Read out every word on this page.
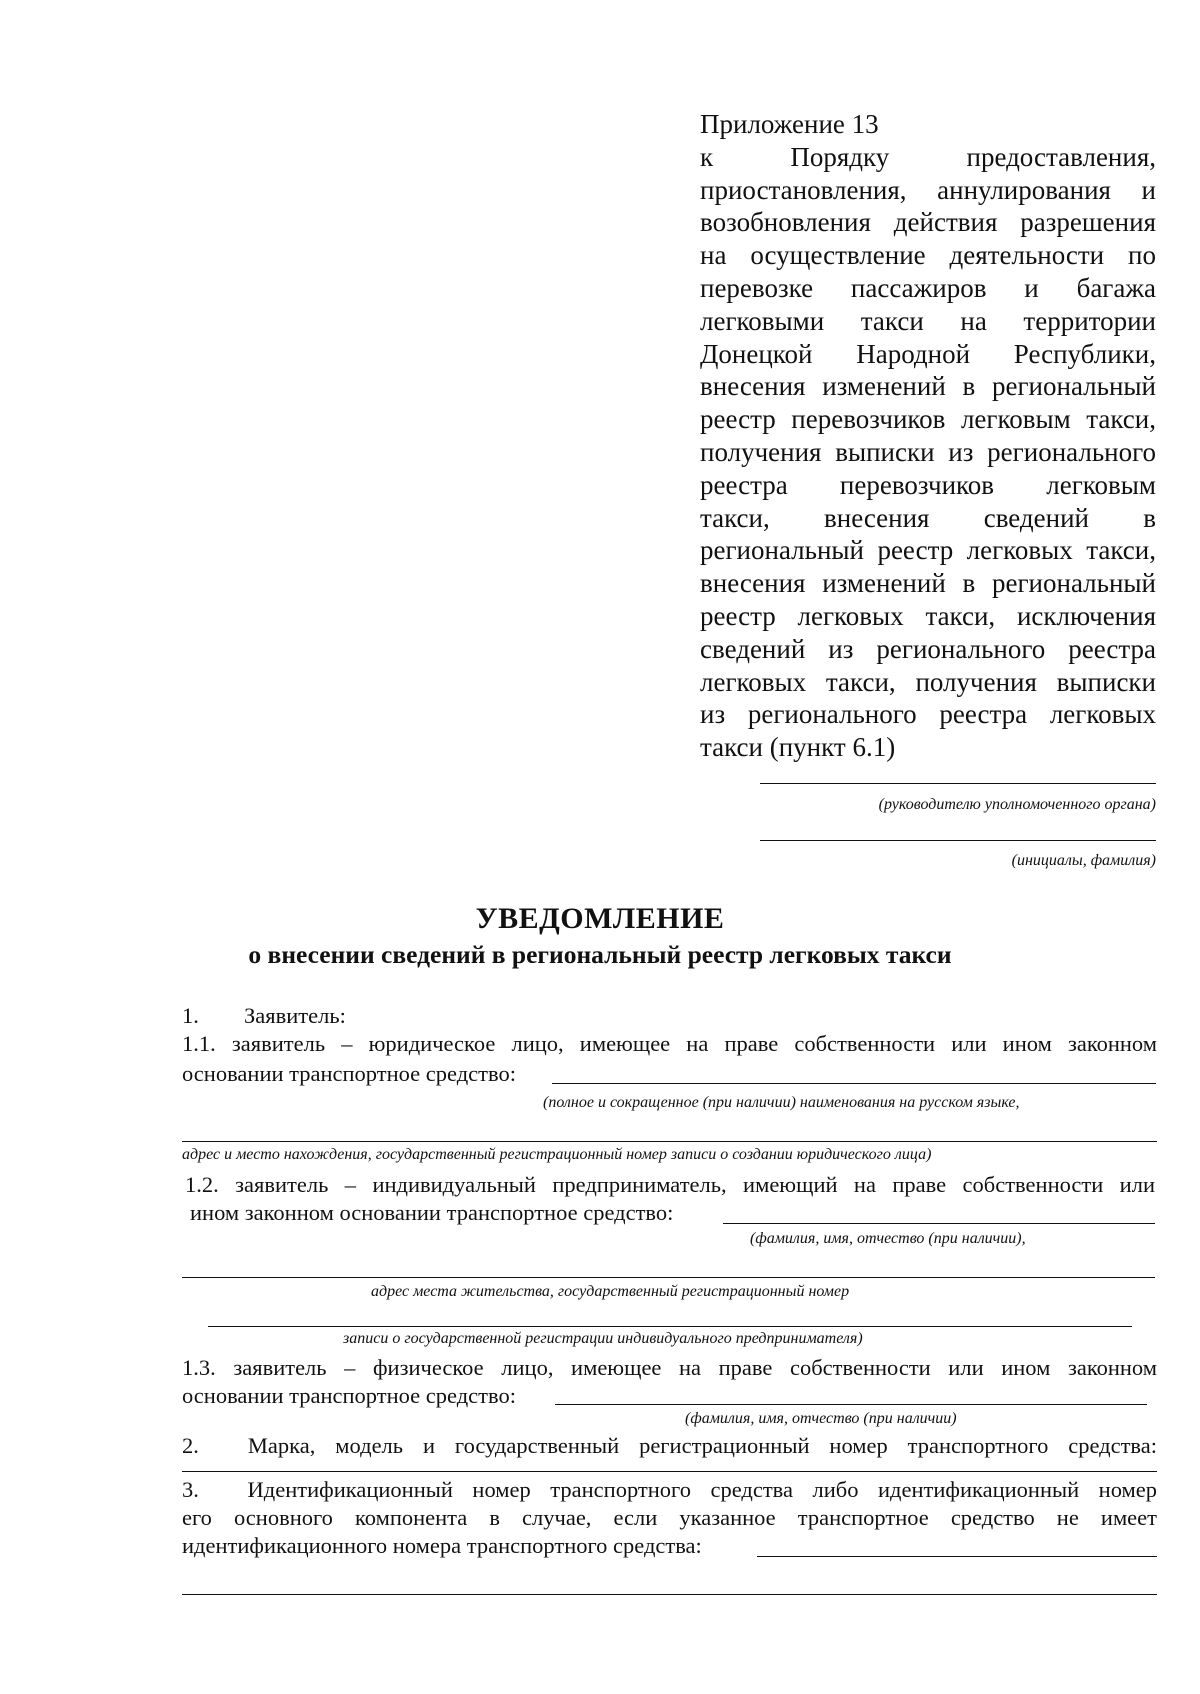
Приложение 13
к Порядку предоставления,
приостановления, аннулирования и
возобновления действия разрешения
на осуществление деятельности по
перевозке пассажиров и багажа
легковыми такси на территории
Донецкой Народной Республики,
внесения изменений в региональный
реестр перевозчиков легковым такси,
получения выписки из регионального
реестра перевозчиков легковым
такси, внесения сведений в
региональный реестр легковых такси,
внесения изменений в региональный
реестр легковых такси, исключения
сведений из регионального реестра
легковых такси, получения выписки
из регионального реестра легковых
такси (пункт 6.1)
(руководителю уполномоченного органа)
(инициалы, фамилия)
УВЕДОМЛЕНИЕ
о внесении сведений в региональный реестр легковых такси
1. Заявитель:
1.1. заявитель – юридическое лицо, имеющее на праве собственности или ином законном
основании транспортное средство:
(полное и сокращенное (при наличии) наименования на русском языке,
адрес и место нахождения, государственный регистрационный номер записи о создании юридического лица)
1.2. заявитель – индивидуальный предприниматель, имеющий на праве собственности или
ином законном основании транспортное средство:
(фамилия, имя, отчество (при наличии),
адрес места жительства, государственный регистрационный номер
записи о государственной регистрации индивидуального предпринимателя)
1.3. заявитель – физическое лицо, имеющее на праве собственности или ином законном
основании транспортное средство:
(фамилия, имя, отчество (при наличии)
2. Марка, модель и государственный регистрационный номер транспортного средства:
3. Идентификационный номер транспортного средства либо идентификационный номер
его основного компонента в случае, если указанное транспортное средство не имеет
идентификационного номера транспортного средства:
